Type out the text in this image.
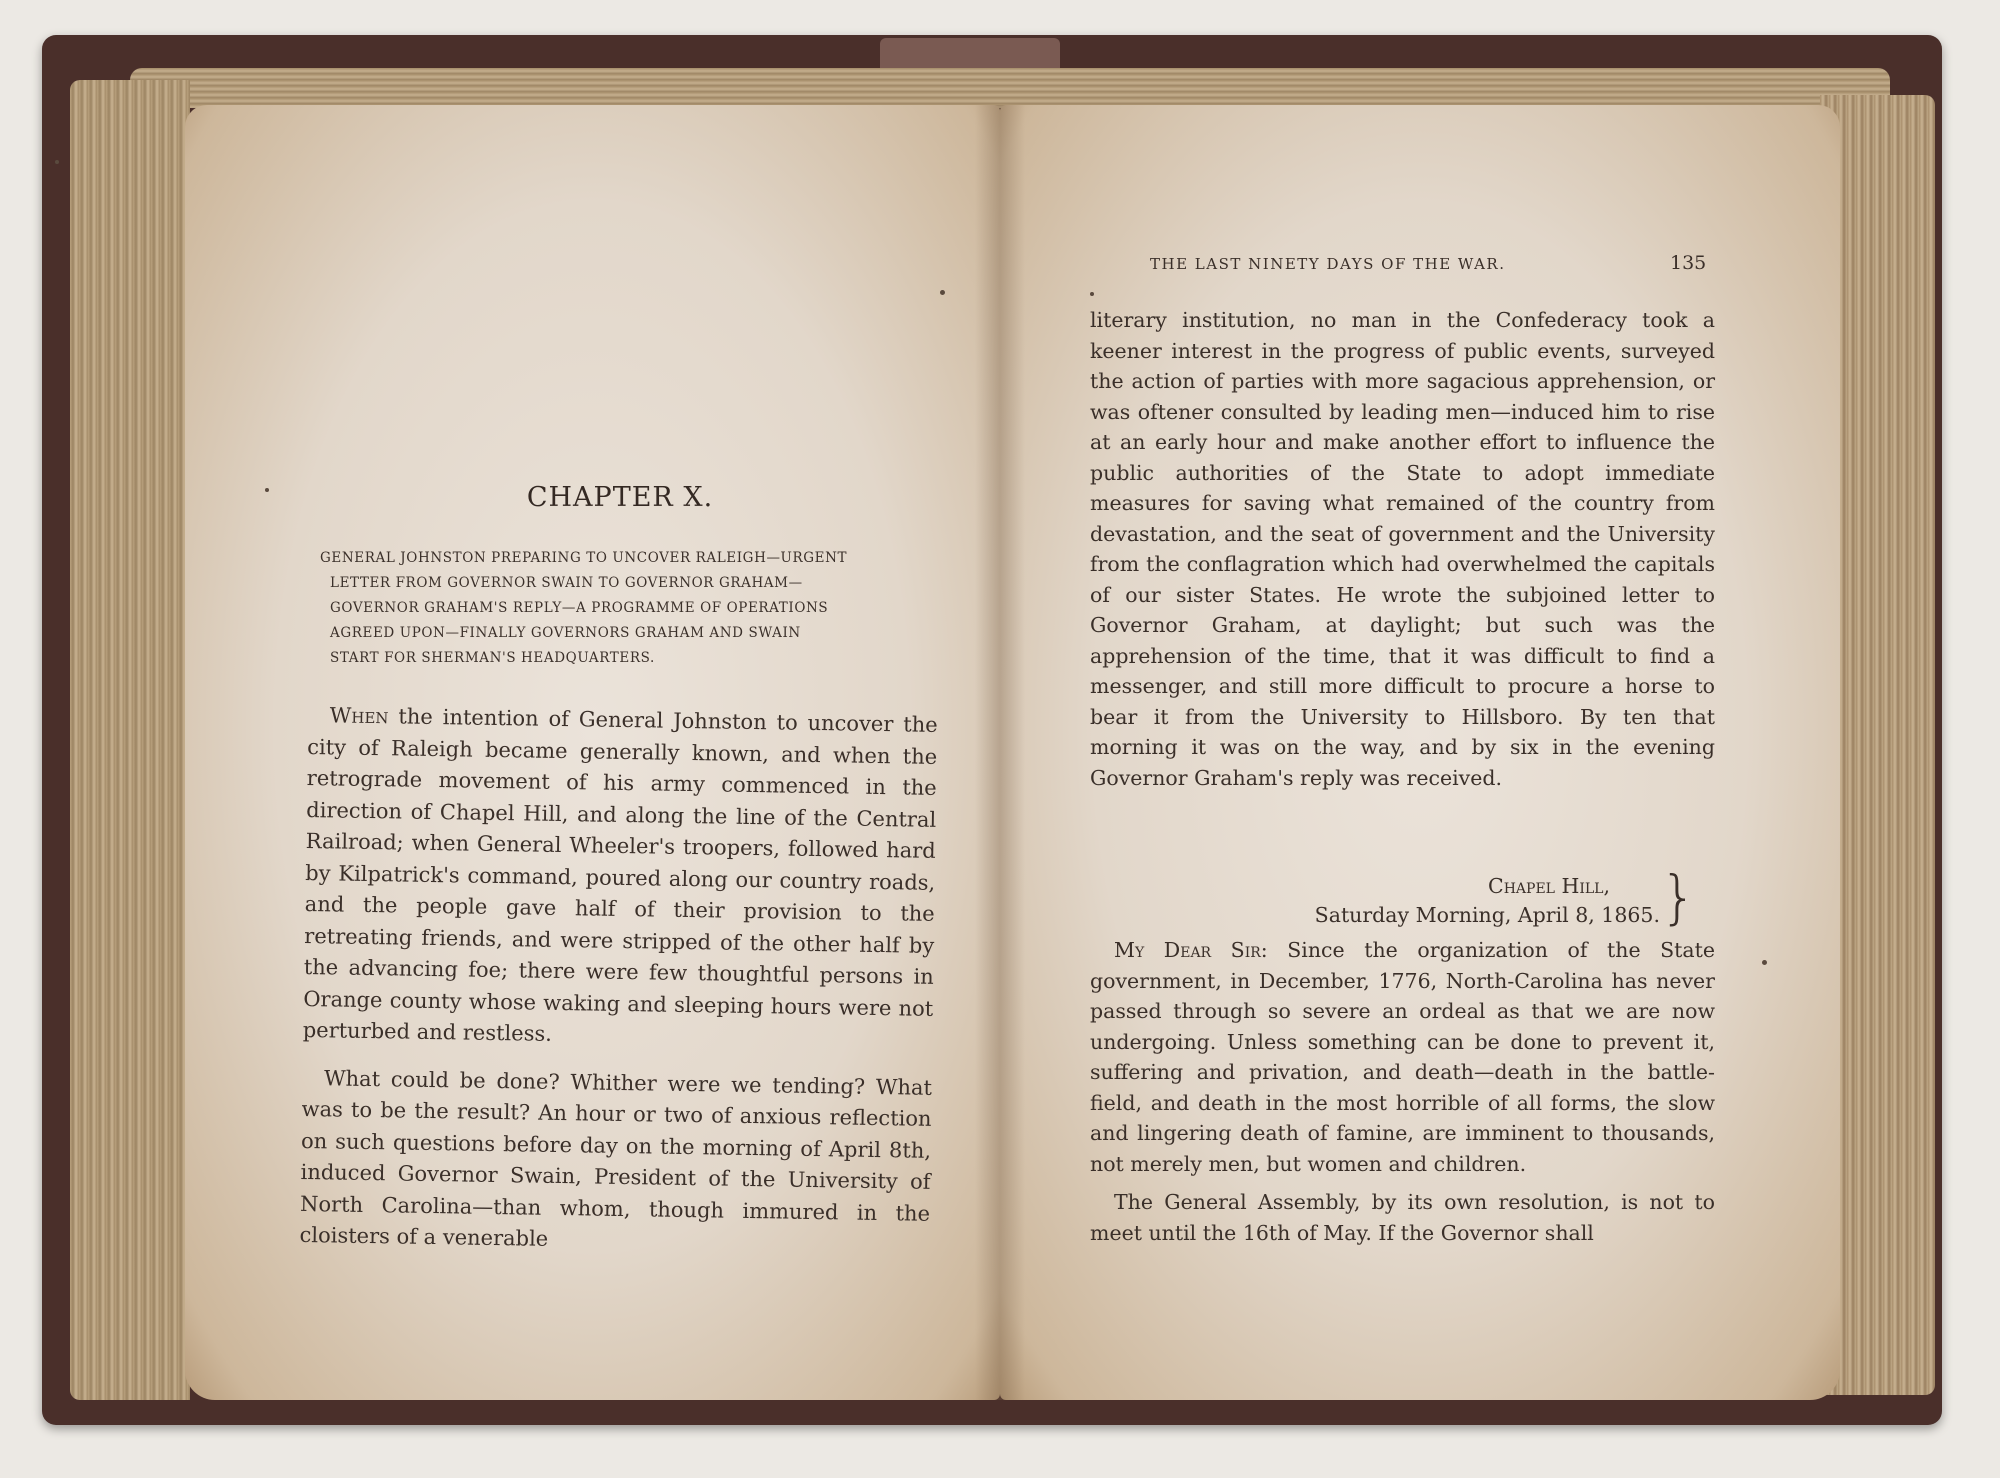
CHAPTER X.
GENERAL JOHNSTON PREPARING TO UNCOVER RALEIGH—URGENT
LETTER FROM GOVERNOR SWAIN TO GOVERNOR GRAHAM—
GOVERNOR GRAHAM'S REPLY—A PROGRAMME OF OPERATIONS
AGREED UPON—FINALLY GOVERNORS GRAHAM AND SWAIN
START FOR SHERMAN'S HEADQUARTERS.

When the intention of General Johnston to uncover the city of Raleigh became generally known, and when the retrograde movement of his army commenced in the direction of Chapel Hill, and along the line of the Central Railroad; when General Wheeler's troopers, followed hard by Kilpatrick's command, poured along our country roads, and the people gave half of their provision to the retreating friends, and were stripped of the other half by the advancing foe; there were few thoughtful persons in Orange county whose waking and sleeping hours were not perturbed and restless.

What could be done? Whither were we tending? What was to be the result? An hour or two of anxious reflection on such questions before day on the morning of April 8th, induced Governor Swain, President of the University of North Carolina—than whom, though immured in the cloisters of a venerable

THE LAST NINETY DAYS OF THE WAR.	135

literary institution, no man in the Confederacy took a keener interest in the progress of public events, surveyed the action of parties with more sagacious apprehension, or was oftener consulted by leading men—induced him to rise at an early hour and make another effort to influence the public authorities of the State to adopt immediate measures for saving what remained of the country from devastation, and the seat of government and the University from the conflagration which had overwhelmed the capitals of our sister States. He wrote the subjoined letter to Governor Graham, at daylight; but such was the apprehension of the time, that it was difficult to find a messenger, and still more difficult to procure a horse to bear it from the University to Hillsboro. By ten that morning it was on the way, and by six in the evening Governor Graham's reply was received.

Chapel Hill,
Saturday Morning, April 8, 1865. }

My Dear Sir: Since the organization of the State government, in December, 1776, North-Carolina has never passed through so severe an ordeal as that we are now undergoing. Unless something can be done to prevent it, suffering and privation, and death—death in the battle-field, and death in the most horrible of all forms, the slow and lingering death of famine, are imminent to thousands, not merely men, but women and children.

The General Assembly, by its own resolution, is not to meet until the 16th of May. If the Governor shall
